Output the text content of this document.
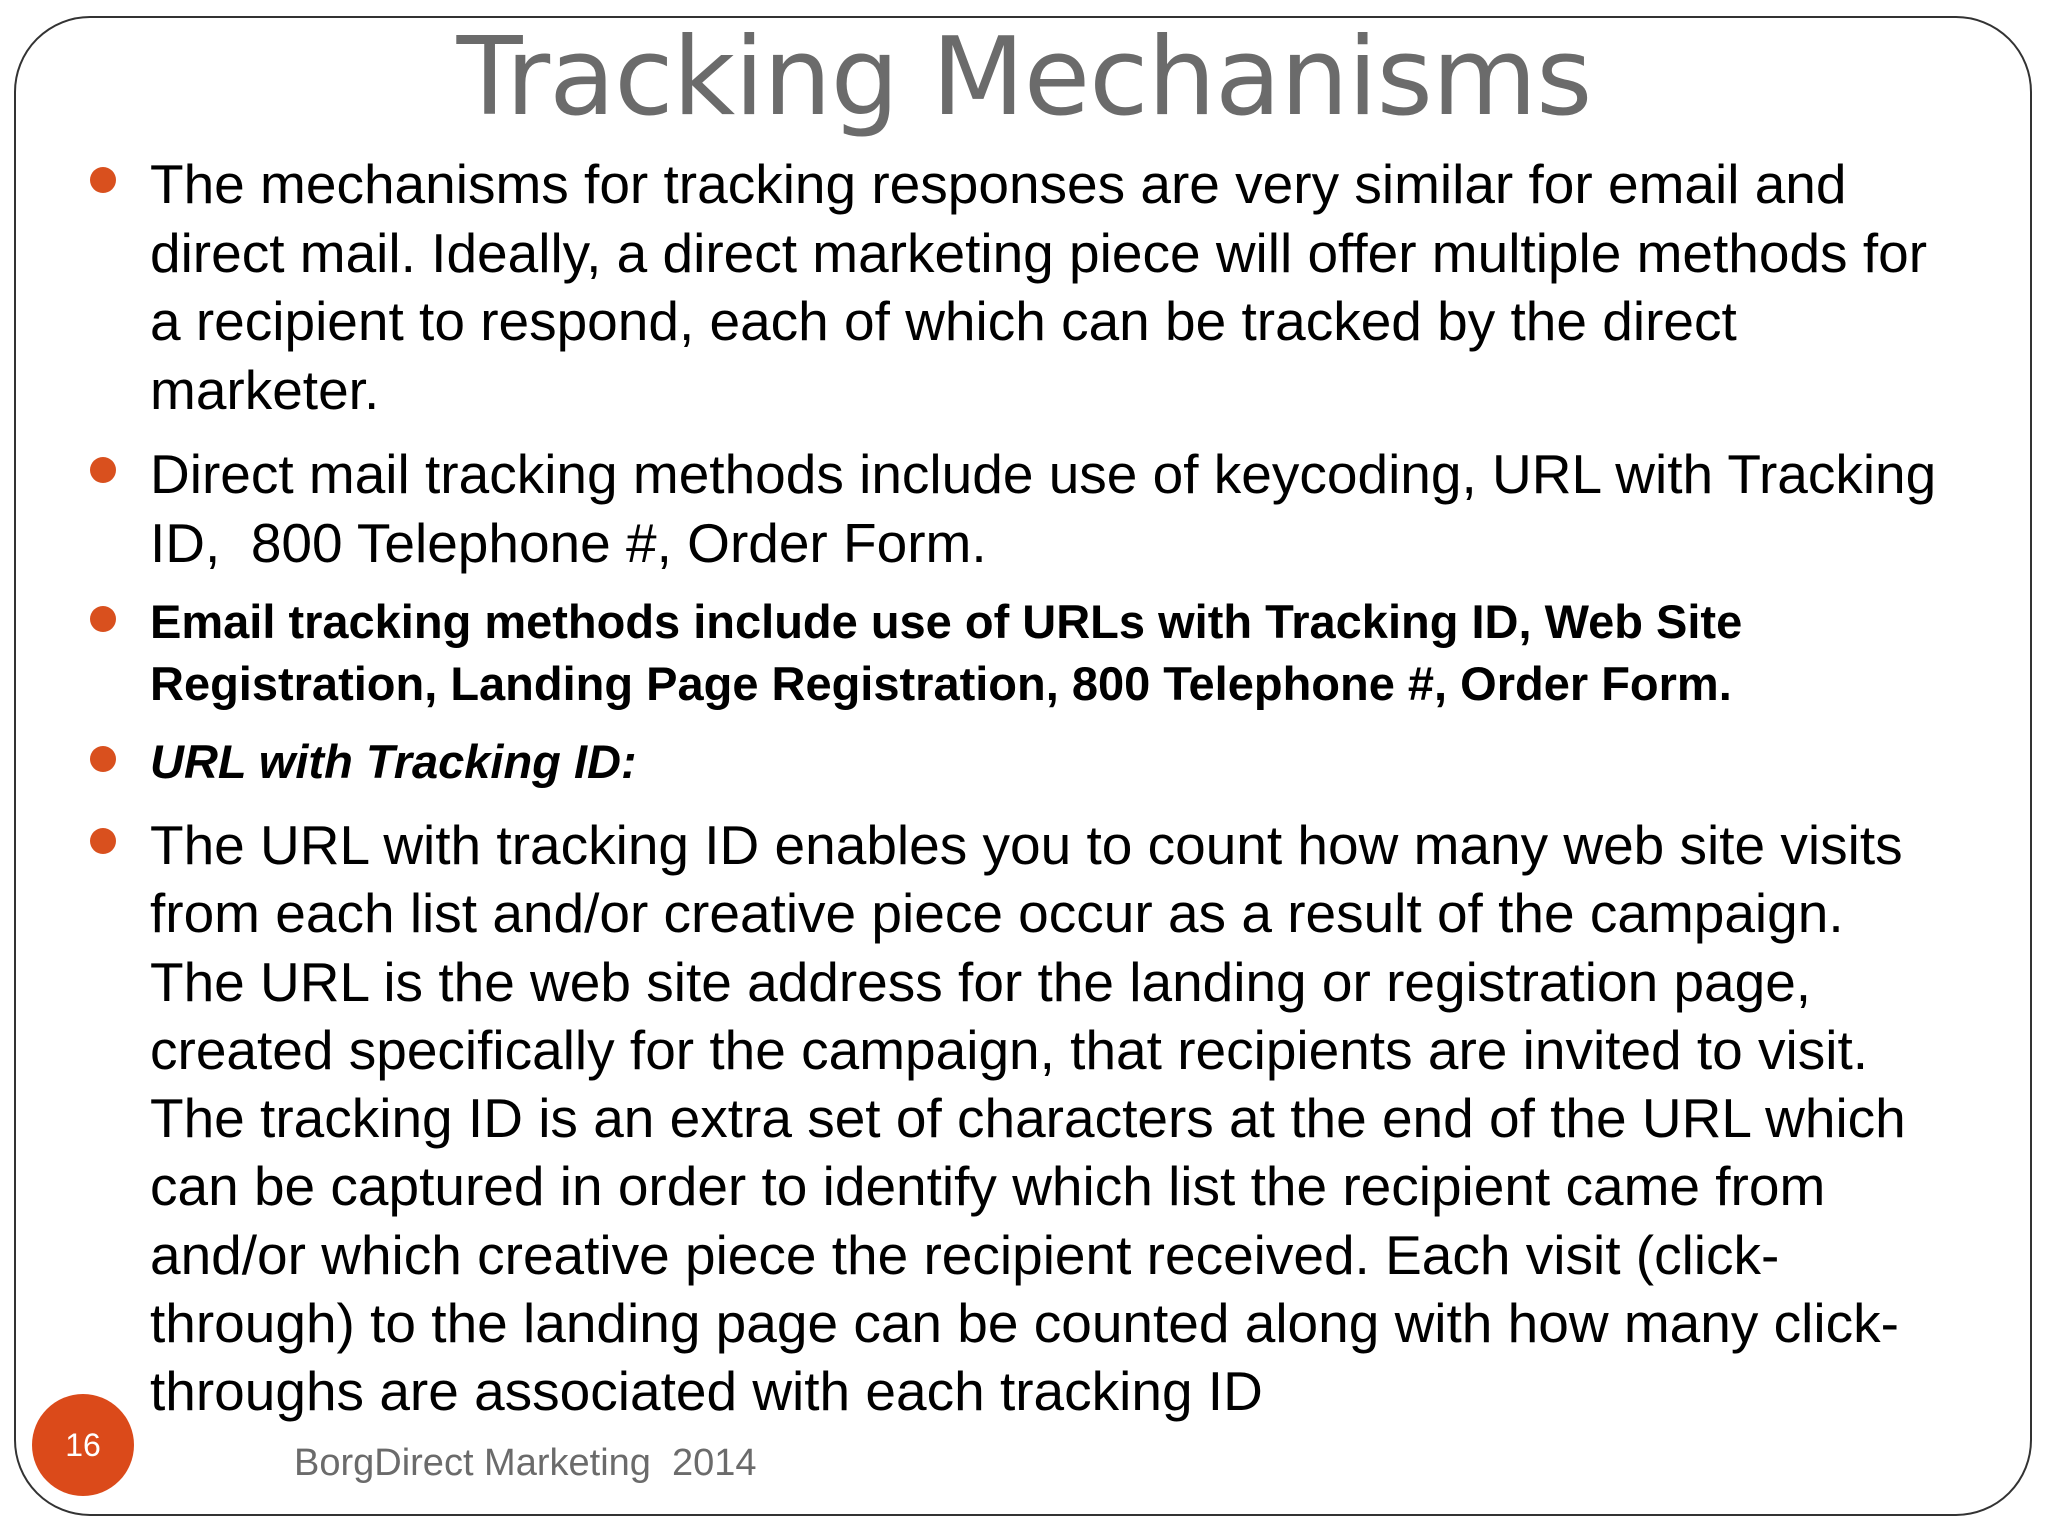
Tracking Mechanisms
The mechanisms for tracking responses are very similar for email and direct mail. Ideally, a direct marketing piece will offer multiple methods for a recipient to respond, each of which can be tracked by the direct marketer.
Direct mail tracking methods include use of keycoding, URL with Tracking ID,  800 Telephone #, Order Form.
Email tracking methods include use of URLs with Tracking ID, Web Site Registration, Landing Page Registration, 800 Telephone #, Order Form.
URL with Tracking ID:
The URL with tracking ID enables you to count how many web site visits from each list and/or creative piece occur as a result of the campaign. The URL is the web site address for the landing or registration page, created specifically for the campaign, that recipients are invited to visit. The tracking ID is an extra set of characters at the end of the URL which can be captured in order to identify which list the recipient came from and/or which creative piece the recipient received. Each visit (click-through) to the landing page can be counted along with how many click-throughs are associated with each tracking ID
16	BorgDirect Marketing  2014
